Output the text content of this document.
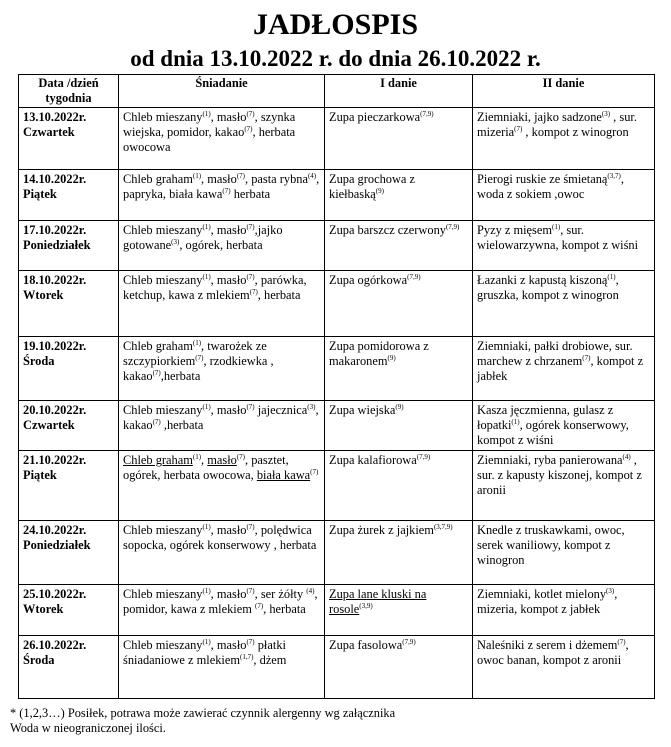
JADŁOSPIS
od dnia 13.10.2022 r. do dnia 26.10.2022 r.
Data /dzień tygodnia	Śniadanie	I danie	II danie

13.10.2022r.
Czwartek	Chleb mieszany$^{(1)}$, masło$^{(7)}$, szynka wiejska, pomidor, kakao$^{(7)}$, herbata owocowa	Zupa pieczarkowa$^{(7,9)}$	Ziemniaki, jajko sadzone$^{(3)}$ , sur. mizeria$^{(7)}$ , kompot z winogron

14.10.2022r.
Piątek	Chleb graham$^{(1)}$, masło$^{(7)}$, pasta rybna$^{(4)}$, papryka, biała kawa$^{(7)}$ herbata	Zupa grochowa z kiełbaską$^{(9)}$	Pierogi ruskie ze śmietaną$^{(3,7)}$, woda z sokiem ,owoc

17.10.2022r.
Poniedziałek	Chleb mieszany$^{(1)}$, masło$^{(7)}$,jajko gotowane$^{(3)}$, ogórek, herbata	Zupa barszcz czerwony$^{(7,9)}$	Pyzy z mięsem$^{(1)}$, sur. wielowarzywna, kompot z wiśni

18.10.2022r.
Wtorek	Chleb mieszany$^{(1)}$, masło$^{(7)}$, parówka, ketchup, kawa z mlekiem$^{(7)}$, herbata	Zupa ogórkowa$^{(7,9)}$	Łazanki z kapustą kiszoną$^{(1)}$, gruszka, kompot z winogron

19.10.2022r.
Środa	Chleb graham$^{(1)}$, twarożek ze szczypiorkiem$^{(7)}$, rzodkiewka , kakao$^{(7)}$,herbata	Zupa pomidorowa z makaronem$^{(9)}$	Ziemniaki, pałki drobiowe, sur. marchew z chrzanem$^{(7)}$, kompot z jabłek

20.10.2022r.
Czwartek	Chleb mieszany$^{(1)}$, masło$^{(7)}$ jajecznica$^{(3)}$, kakao$^{(7)}$ ,herbata	Zupa wiejska$^{(9)}$	Kasza jęczmienna, gulasz z łopatki$^{(1)}$, ogórek konserwowy, kompot z wiśni

21.10.2022r.
Piątek	Chleb graham$^{(1)}$, masło$^{(7)}$, pasztet, ogórek, herbata owocowa, biała kawa$^{(7)}$	Zupa kalafiorowa$^{(7,9)}$	Ziemniaki, ryba panierowana$^{(4)}$ , sur. z kapusty kiszonej, kompot z aronii

24.10.2022r.
Poniedziałek	Chleb mieszany$^{(1)}$, masło$^{(7)}$, polędwica sopocka, ogórek konserwowy , herbata	Zupa żurek z jajkiem$^{(3,7,9)}$	Knedle z truskawkami, owoc, serek waniliowy, kompot z winogron

25.10.2022r.
Wtorek	Chleb mieszany$^{(1)}$, masło$^{(7)}$, ser żółty $^{(4)}$, pomidor, kawa z mlekiem $^{(7)}$, herbata	Zupa lane kluski na rosole$^{(3,9)}$	Ziemniaki, kotlet mielony$^{(3)}$, mizeria, kompot z jabłek

26.10.2022r.
Środa	Chleb mieszany$^{(1)}$, masło$^{(7)}$ płatki śniadaniowe z mlekiem$^{(1,7)}$, dżem	Zupa fasolowa$^{(7,9)}$	Naleśniki z serem i dżemem$^{(7)}$, owoc banan, kompot z aronii
* (1,2,3…) Posiłek, potrawa może zawierać czynnik alergenny wg załącznika
Woda w nieograniczonej ilości.
